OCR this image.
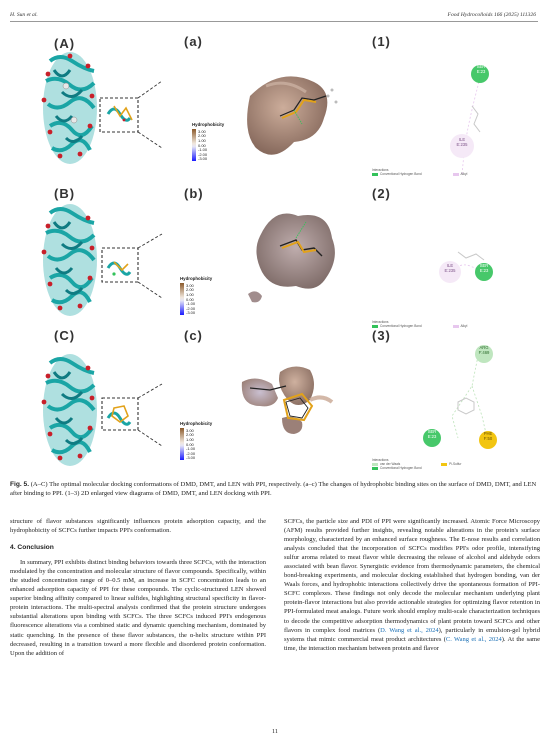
H. Sun et al.	Food Hydrocolloids 166 (2025) 111326
(A)	(a)	(1)
(B)	(b)	(2)
(C)	(c)	(3)
Hydrophobicity
3.00
2.00
1.00
0.00
-1.00
-2.00
-3.00
Hydrophobicity
3.00
2.00
1.00
0.00
-1.00
-2.00
-3.00
Hydrophobicity
3.00
2.00
1.00
0.00
-1.00
-2.00
-3.00
SER
E:23
ILE
E:235
ILE
E:235
SER
E:23
ARG
F:469
SER
E:23
PHE
F:50
Interactions
Conventional Hydrogen Bond	Alkyl
Interactions
Conventional Hydrogen Bond	Alkyl
Interactions
van der Waals	Pi-Sulfur
Conventional Hydrogen Bond
Fig. 5. (A–C) The optimal molecular docking conformations of DMD, DMT, and LEN with PPI, respectively. (a–c) The changes of hydrophobic binding sites on the surface of DMD, DMT, and LEN after binding to PPI. (1–3) 2D enlarged view diagrams of DMD, DMT, and LEN docking with PPI.

structure of flavor substances significantly influences protein adsorption capacity, and the hydrophobicity of SCFCs further impacts PPI's conformation.

4. Conclusion

In summary, PPI exhibits distinct binding behaviors towards three SCFCs, with the interaction modulated by the concentration and molecular structure of flavor compounds. Specifically, within the studied concentration range of 0–0.5 mM, an increase in SCFC concentration leads to an enhanced adsorption capacity of PPI for these compounds. The cyclic-structured LEN showed superior binding affinity compared to linear sulfides, highlighting structural specificity in flavor-protein interactions. The multi-spectral analysis confirmed that the protein structure undergoes substantial alterations upon binding with SCFCs. The three SCFCs induced PPI's endogenous fluorescence alterations via a combined static and dynamic quenching mechanism, dominated by static quenching. In the presence of these flavor substances, the α-helix structure within PPI decreased, resulting in a transition toward a more flexible and disordered protein conformation. Upon the addition of

SCFCs, the particle size and PDI of PPI were significantly increased. Atomic Force Microscopy (AFM) results provided further insights, revealing notable alterations in the protein's surface morphology, characterized by an enhanced surface roughness. The E-nose results and correlation analysis concluded that the incorporation of SCFCs modifies PPI's odor profile, intensifying sulfur aroma related to meat flavor while decreasing the release of alcohol and aldehyde odors associated with bean flavor. Synergistic evidence from thermodynamic parameters, the chemical bond-breaking experiments, and molecular docking established that hydrogen bonding, van der Waals forces, and hydrophobic interactions collectively drive the spontaneous formation of PPI-SCFC complexes. These findings not only decode the molecular mechanism underlying plant protein-flavor interactions but also provide actionable strategies for optimizing flavor retention in PPI-formulated meat analogs. Future work should employ multi-scale characterization techniques to decode the competitive adsorption thermodynamics of plant protein toward SCFCs and other flavors in complex food matrices (D. Wang et al., 2024), particularly in emulsion-gel hybrid systems that mimic commercial meat product architectures (C. Wang et al., 2024). At the same time, the interaction mechanism between protein and flavor

11
